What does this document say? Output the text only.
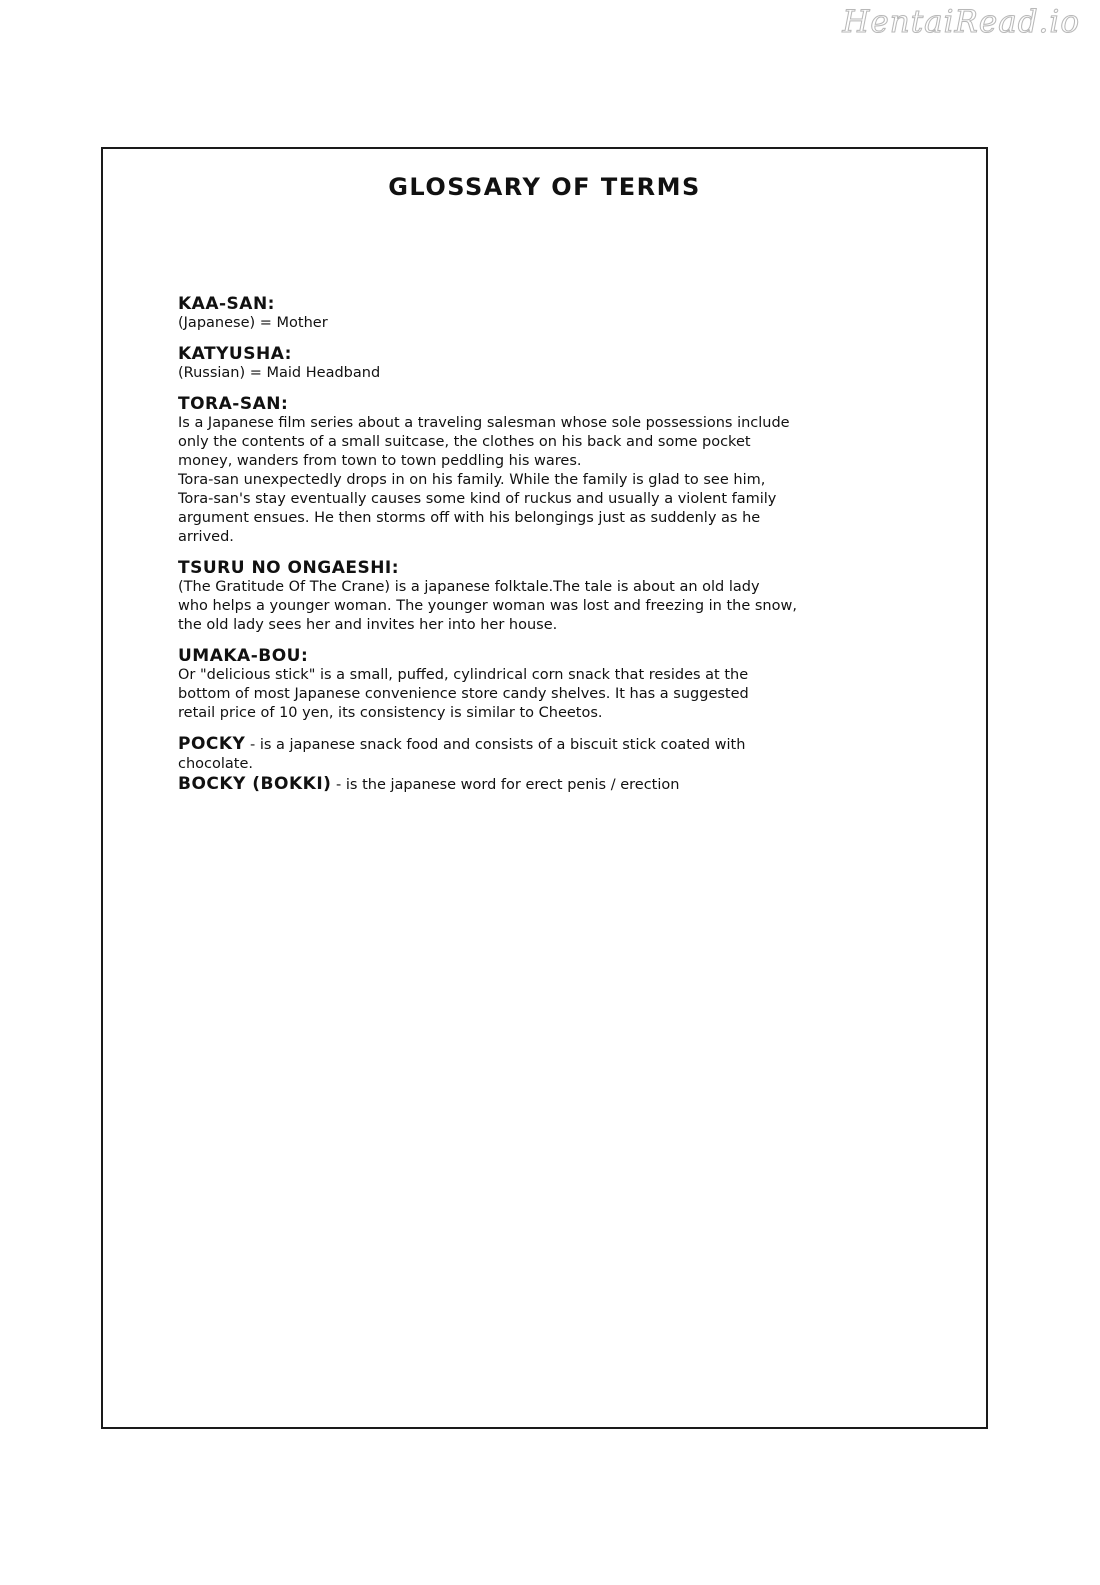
HentaiRead.io
GLOSSARY OF TERMS
KAA-SAN:
(Japanese) = Mother
KATYUSHA:
(Russian) = Maid Headband
TORA-SAN:
Is a Japanese film series about a traveling salesman whose sole possessions include
only the contents of a small suitcase, the clothes on his back and some pocket
money, wanders from town to town peddling his wares.
Tora-san unexpectedly drops in on his family. While the family is glad to see him,
Tora-san's stay eventually causes some kind of ruckus and usually a violent family
argument ensues. He then storms off with his belongings just as suddenly as he
arrived.
TSURU NO ONGAESHI:
(The Gratitude Of The Crane) is a japanese folktale.The tale is about an old lady
who helps a younger woman. The younger woman was lost and freezing in the snow,
the old lady sees her and invites her into her house.
UMAKA-BOU:
Or "delicious stick" is a small, puffed, cylindrical corn snack that resides at the
bottom of most Japanese convenience store candy shelves. It has a suggested
retail price of 10 yen, its consistency is similar to Cheetos.
POCKY - is a japanese snack food and consists of a biscuit stick coated with
chocolate.
BOCKY (BOKKI) - is the japanese word for erect penis / erection
